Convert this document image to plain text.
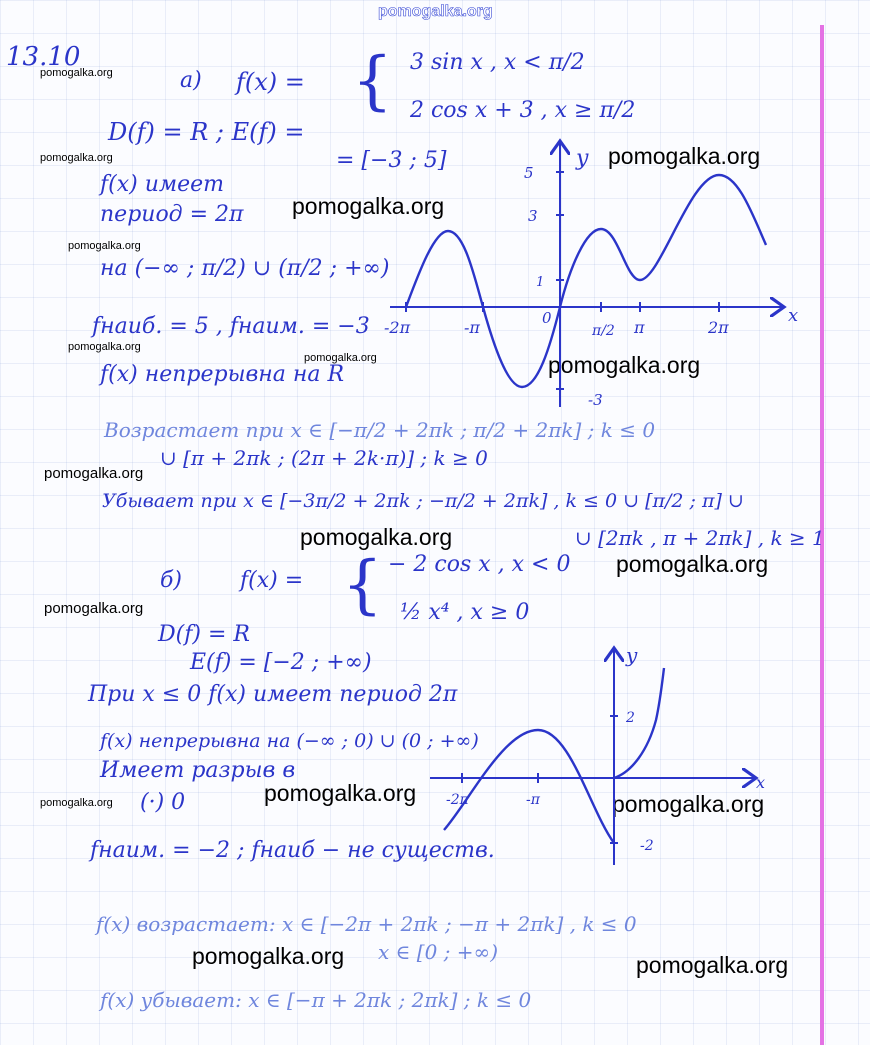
pomogalka.org
pomogalka.org
pomogalka.org
pomogalka.org
pomogalka.org
pomogalka.org
pomogalka.org
pomogalka.org	pomogalka.org
pomogalka.org
pomogalka.org
pomogalka.org
pomogalka.org
pomogalka.org
pomogalka.org	pomogalka.org
pomogalka.org	pomogalka.org
13.10
а) f(x) = { 3 sin x , x < π/2
2 cos x + 3 , x ≥ π/2
D(f) = R ; E(f) =
= [−3 ; 5]
f(x) имеет
период = 2π
на (−∞ ; π/2) ∪ (π/2 ; +∞)
fнаиб. = 5 , fнаим. = −3
f(x) непрерывна на R
Возрастает при x ∈ [−π/2 + 2πk ; π/2 + 2πk] ; k ≤ 0
∪ [π + 2πk ; (2π + 2k·π)] ; k ≥ 0
Убывает при x ∈ [−3π/2 + 2πk ; −π/2 + 2πk] , k ≤ 0 ∪ [π/2 ; π] ∪
∪ [2πk , π + 2πk] , k ≥ 1
y
x
5
3
1
-3
-2π	-π	0
π/2 π	2π
б)	f(x) = { − 2 cos x , x < 0
½ x⁴ , x ≥ 0
D(f) = R
E(f) = [−2 ; +∞)
При x ≤ 0 f(x) имеет период 2π
f(x) непрерывна на (−∞ ; 0) ∪ (0 ; +∞)
Имеет разрыв в
(·) 0
fнаим. = −2 ; fнаиб − не существ.
f(x) возрастает: x ∈ [−2π + 2πk ; −π + 2πk] , k ≤ 0
x ∈ [0 ; +∞)
f(x) убывает: x ∈ [−π + 2πk ; 2πk] ; k ≤ 0
y
x
2
-2
-2π	-π
